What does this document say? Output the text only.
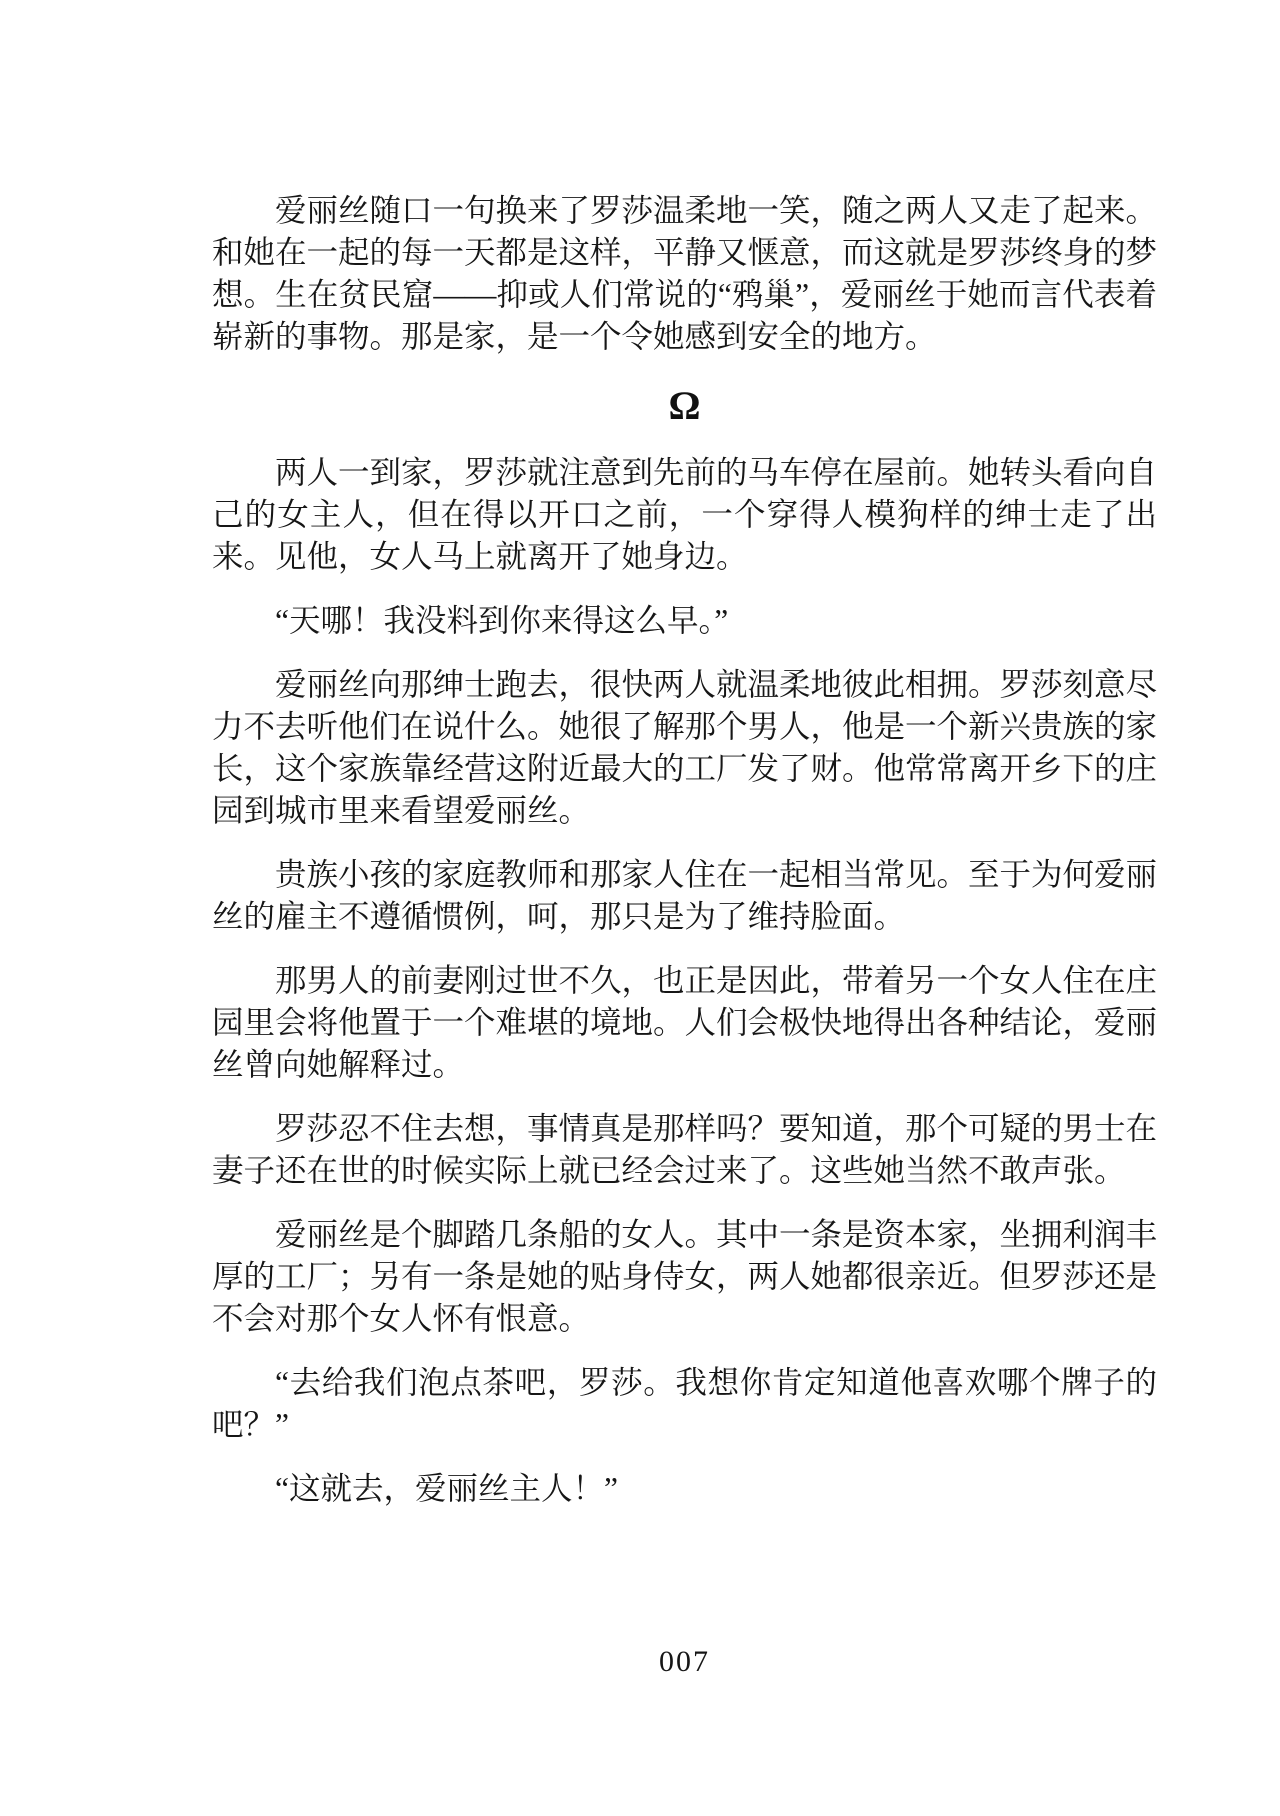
爱丽丝随口一句换来了罗莎温柔地一笑，随之两人又走了起来。和她在一起的每一天都是这样，平静又惬意，而这就是罗莎终身的梦想。生在贫民窟——抑或人们常说的“鸦巢”，爱丽丝于她而言代表着崭新的事物。那是家，是一个令她感到安全的地方。

Ω

两人一到家，罗莎就注意到先前的马车停在屋前。她转头看向自己的女主人，但在得以开口之前，一个穿得人模狗样的绅士走了出来。见他，女人马上就离开了她身边。

“天哪！我没料到你来得这么早。”

爱丽丝向那绅士跑去，很快两人就温柔地彼此相拥。罗莎刻意尽力不去听他们在说什么。她很了解那个男人，他是一个新兴贵族的家长，这个家族靠经营这附近最大的工厂发了财。他常常离开乡下的庄园到城市里来看望爱丽丝。

贵族小孩的家庭教师和那家人住在一起相当常见。至于为何爱丽丝的雇主不遵循惯例，呵，那只是为了维持脸面。

那男人的前妻刚过世不久，也正是因此，带着另一个女人住在庄园里会将他置于一个难堪的境地。人们会极快地得出各种结论，爱丽丝曾向她解释过。

罗莎忍不住去想，事情真是那样吗？要知道，那个可疑的男士在妻子还在世的时候实际上就已经会过来了。这些她当然不敢声张。

爱丽丝是个脚踏几条船的女人。其中一条是资本家，坐拥利润丰厚的工厂；另有一条是她的贴身侍女，两人她都很亲近。但罗莎还是不会对那个女人怀有恨意。

“去给我们泡点茶吧，罗莎。我想你肯定知道他喜欢哪个牌子的吧？”

“这就去，爱丽丝主人！”

007
